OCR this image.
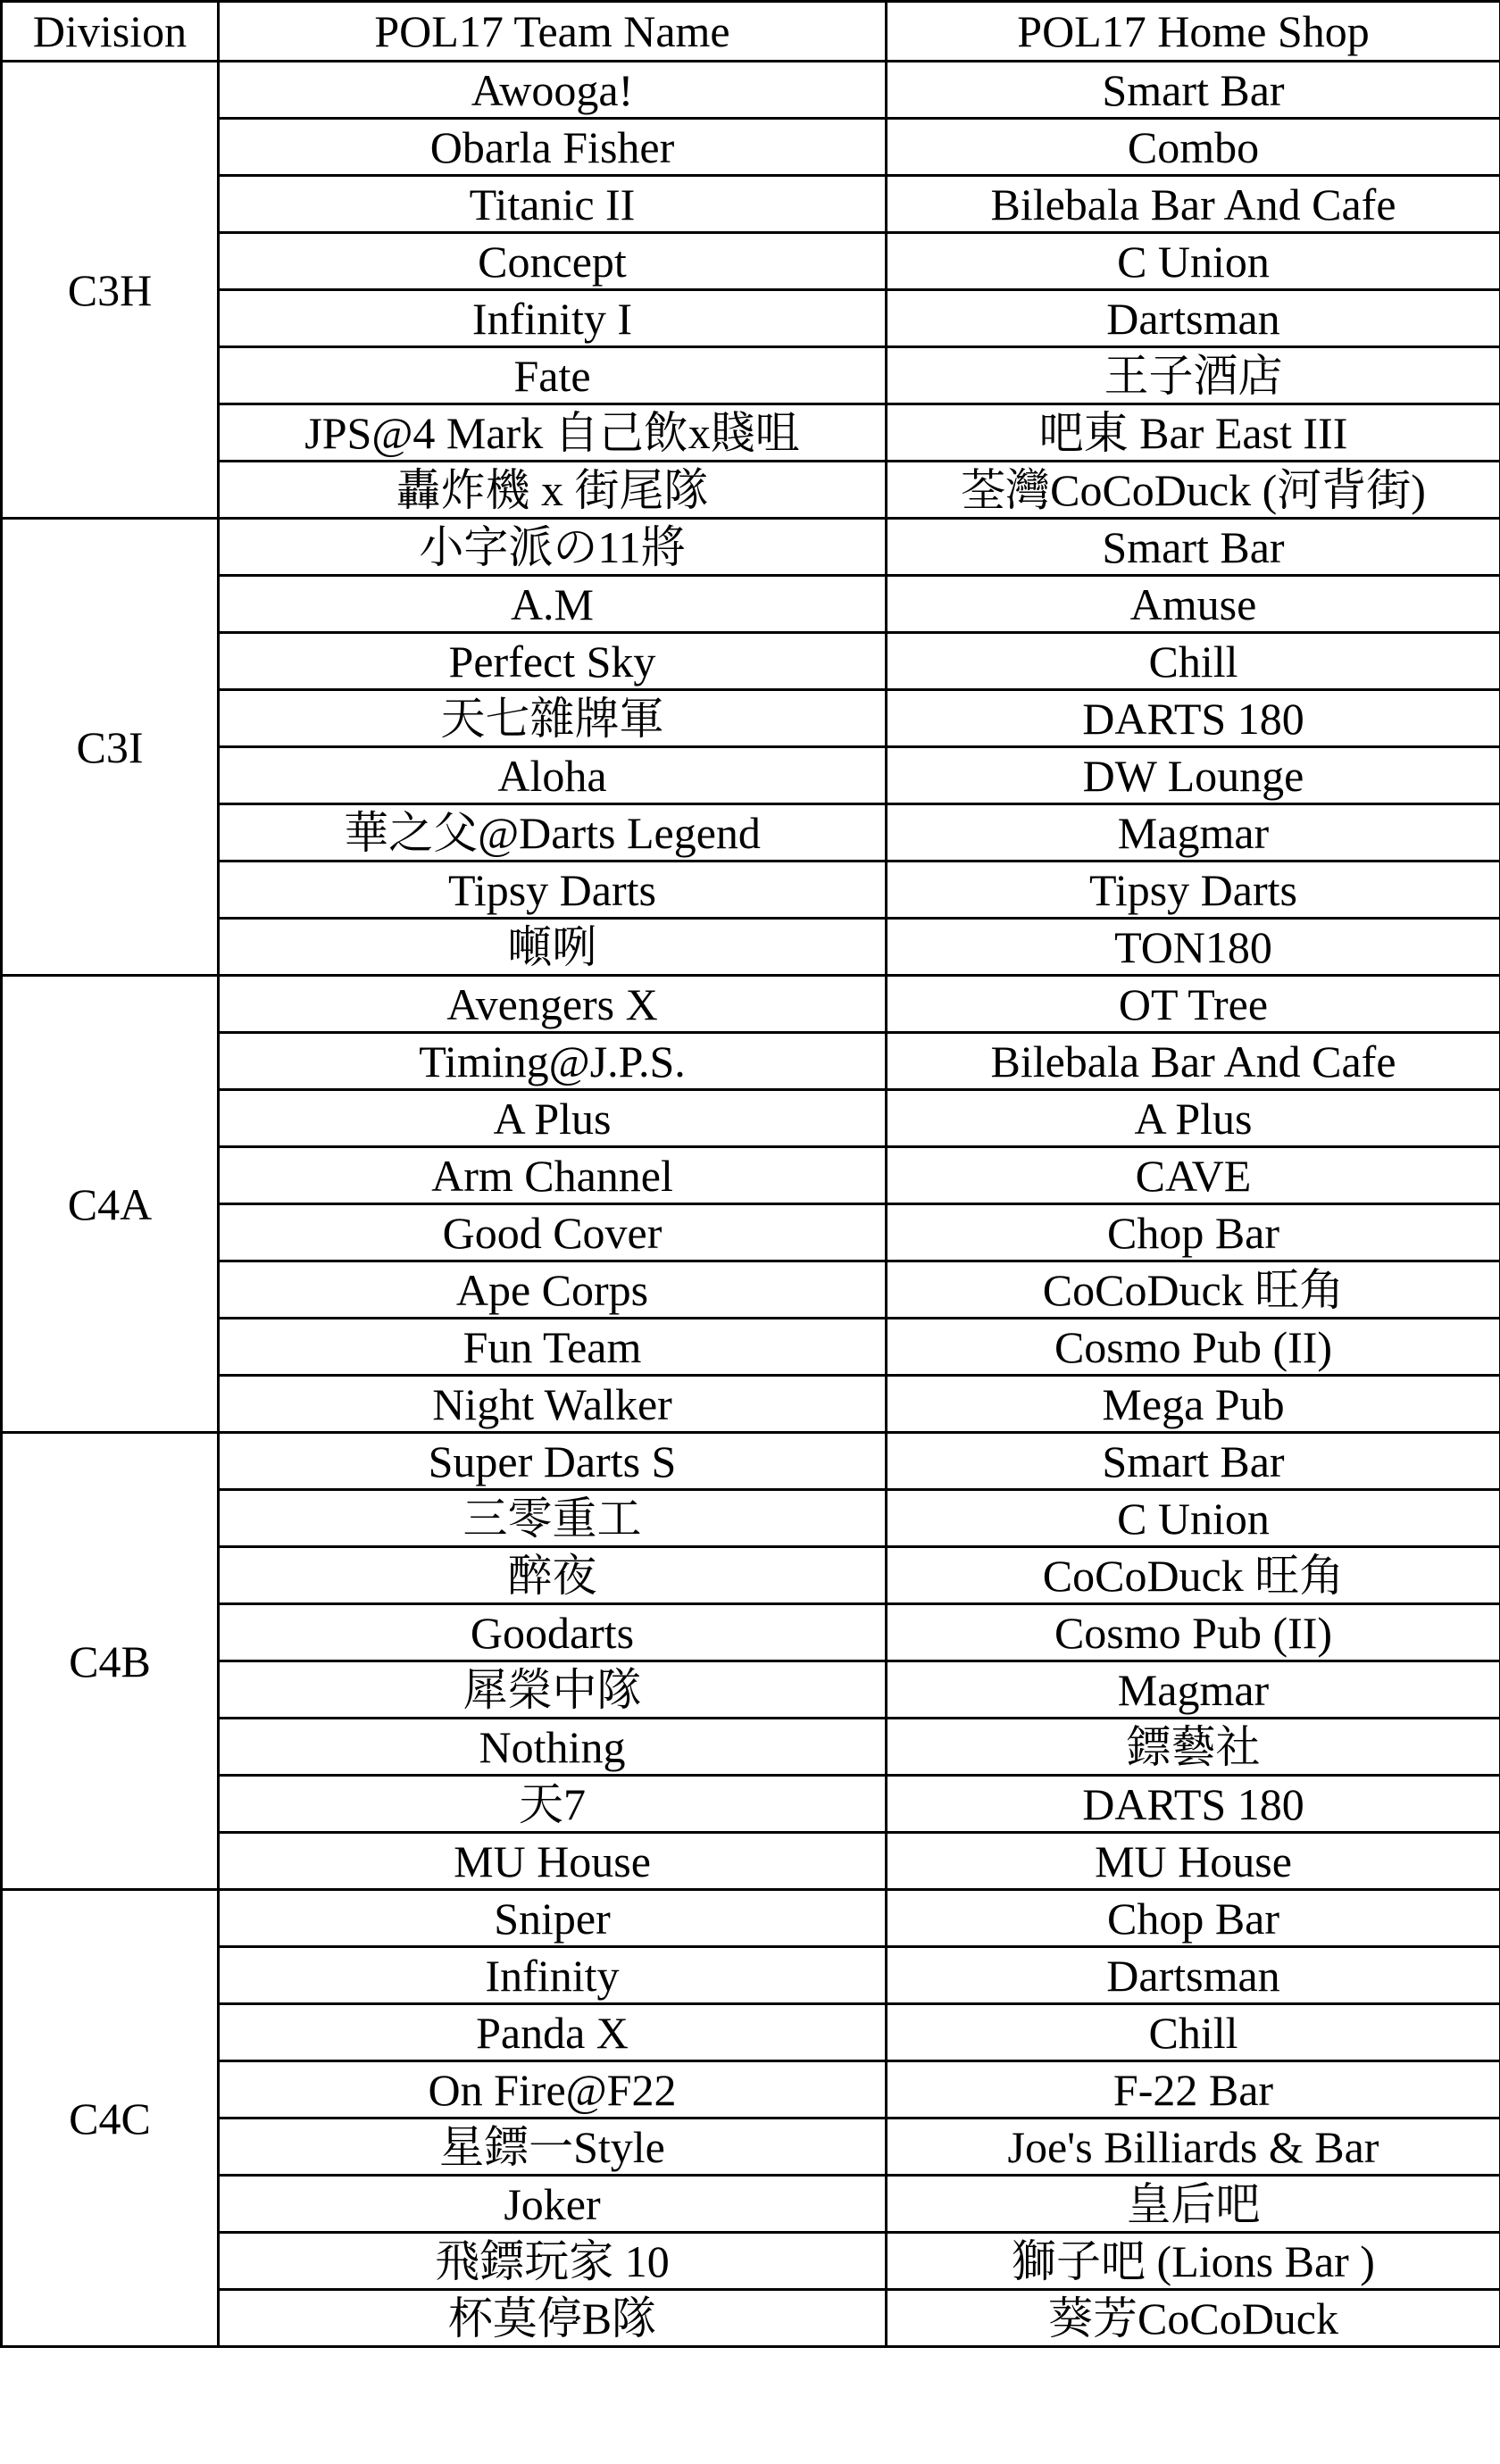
Division	POL17 Team Name	POL17 Home Shop
C3H	Awooga!	Smart Bar
	Obarla Fisher	Combo
	Titanic II	Bilebala Bar And Cafe
	Concept	C Union
	Infinity I	Dartsman
	Fate	王子酒店
	JPS@4 Mark 自己飲x賤咀	吧東 Bar East III
	轟炸機 x 街尾隊	荃灣CoCoDuck (河背街)
C3I	小字派の11將	Smart Bar
	A.M	Amuse
	Perfect Sky	Chill
	天七雜牌軍	DARTS 180
	Aloha	DW Lounge
	華之父@Darts Legend	Magmar
	Tipsy Darts	Tipsy Darts
	噸咧	TON180
C4A	Avengers X	OT Tree
	Timing@J.P.S.	Bilebala Bar And Cafe
	A Plus	A Plus
	Arm Channel	CAVE
	Good Cover	Chop Bar
	Ape Corps	CoCoDuck 旺角
	Fun Team	Cosmo Pub (II)
	Night Walker	Mega Pub
C4B	Super Darts S	Smart Bar
	三零重工	C Union
	醉夜	CoCoDuck 旺角
	Goodarts	Cosmo Pub (II)
	犀榮中隊	Magmar
	Nothing	鏢藝社
	天7	DARTS 180
	MU House	MU House
C4C	Sniper	Chop Bar
	Infinity	Dartsman
	Panda X	Chill
	On Fire@F22	F-22 Bar
	星鏢一Style	Joe's Billiards & Bar
	Joker	皇后吧
	飛鏢玩家 10	獅子吧 (Lions Bar )
	杯莫停B隊	葵芳CoCoDuck
